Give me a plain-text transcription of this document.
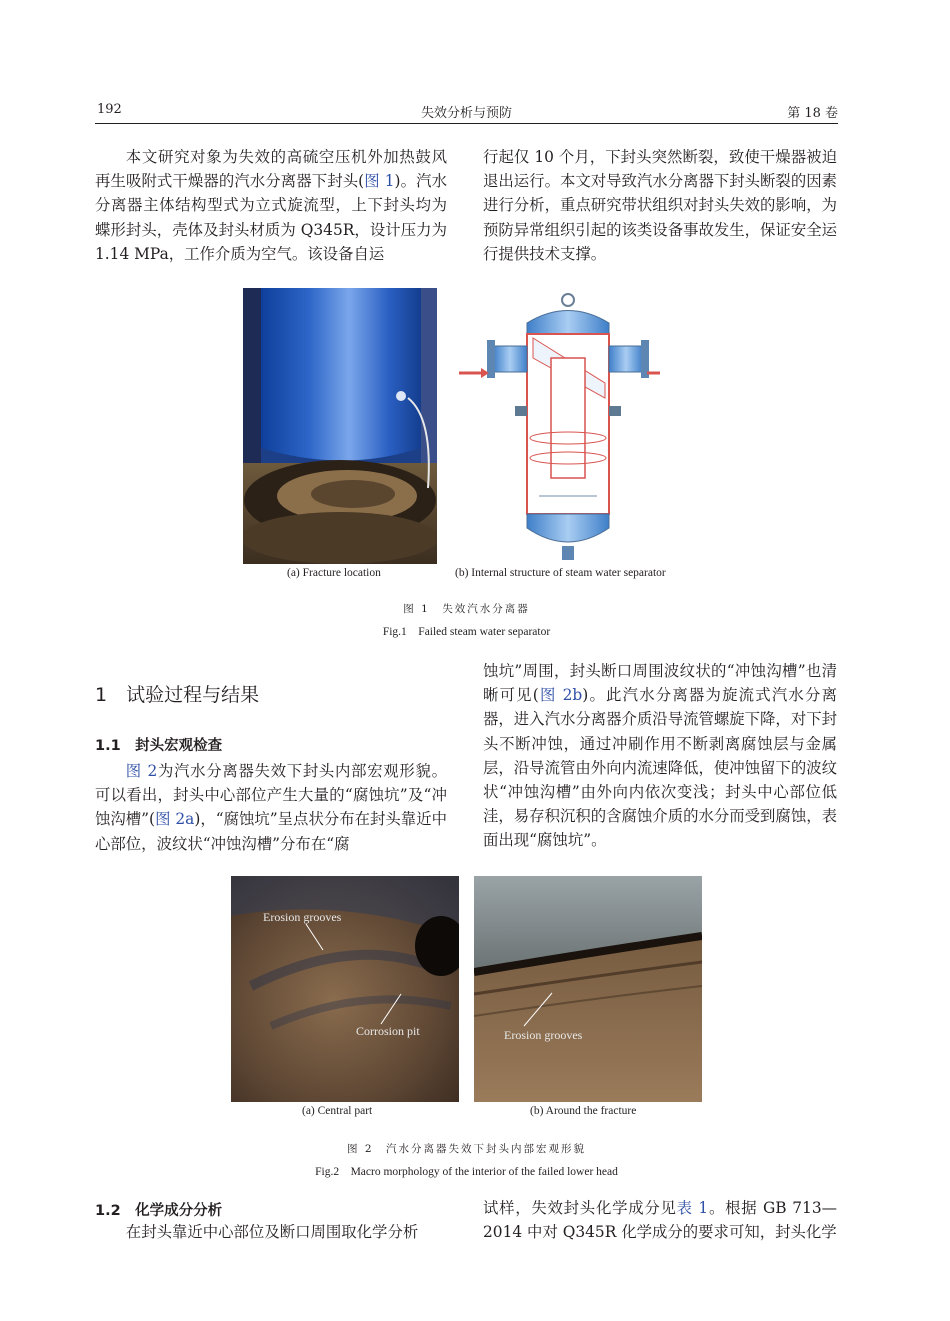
192	失效分析与预防	第 18 卷

本文研究对象为失效的高硫空压机外加热鼓风再生吸附式干燥器的汽水分离器下封头(图 1)。汽水分离器主体结构型式为立式旋流型，上下封头均为蝶形封头，壳体及封头材质为 Q345R，设计压力为 1.14 MPa，工作介质为空气。该设备自运

行起仅 10 个月，下封头突然断裂，致使干燥器被迫退出运行。本文对导致汽水分离器下封头断裂的因素进行分析，重点研究带状组织对封头失效的影响，为预防异常组织引起的该类设备事故发生，保证安全运行提供技术支撑。

(a) Fracture location	(b) Internal structure of steam water separator
图 1　失效汽水分离器
Fig.1　Failed steam water separator
1　试验过程与结果
1.1　封头宏观检查

图 2为汽水分离器失效下封头内部宏观形貌。可以看出，封头中心部位产生大量的“腐蚀坑”及“冲蚀沟槽”(图 2a)，“腐蚀坑”呈点状分布在封头靠近中心部位，波纹状“冲蚀沟槽”分布在“腐

蚀坑”周围，封头断口周围波纹状的“冲蚀沟槽”也清晰可见(图 2b)。此汽水分离器为旋流式汽水分离器，进入汽水分离器介质沿导流管螺旋下降，对下封头不断冲蚀，通过冲刷作用不断剥离腐蚀层与金属层，沿导流管由外向内流速降低，使冲蚀留下的波纹状“冲蚀沟槽”由外向内依次变浅；封头中心部位低洼，易存积沉积的含腐蚀介质的水分而受到腐蚀，表面出现“腐蚀坑”。

Erosion grooves
Corrosion pit	Erosion grooves
(a) Central part	(b) Around the fracture
图 2　汽水分离器失效下封头内部宏观形貌
Fig.2　Macro morphology of the interior of the failed lower head
1.2　化学成分分析

在封头靠近中心部位及断口周围取化学分析

试样，失效封头化学成分见表 1。根据 GB 713—2014 中对 Q345R 化学成分的要求可知，封头化学
